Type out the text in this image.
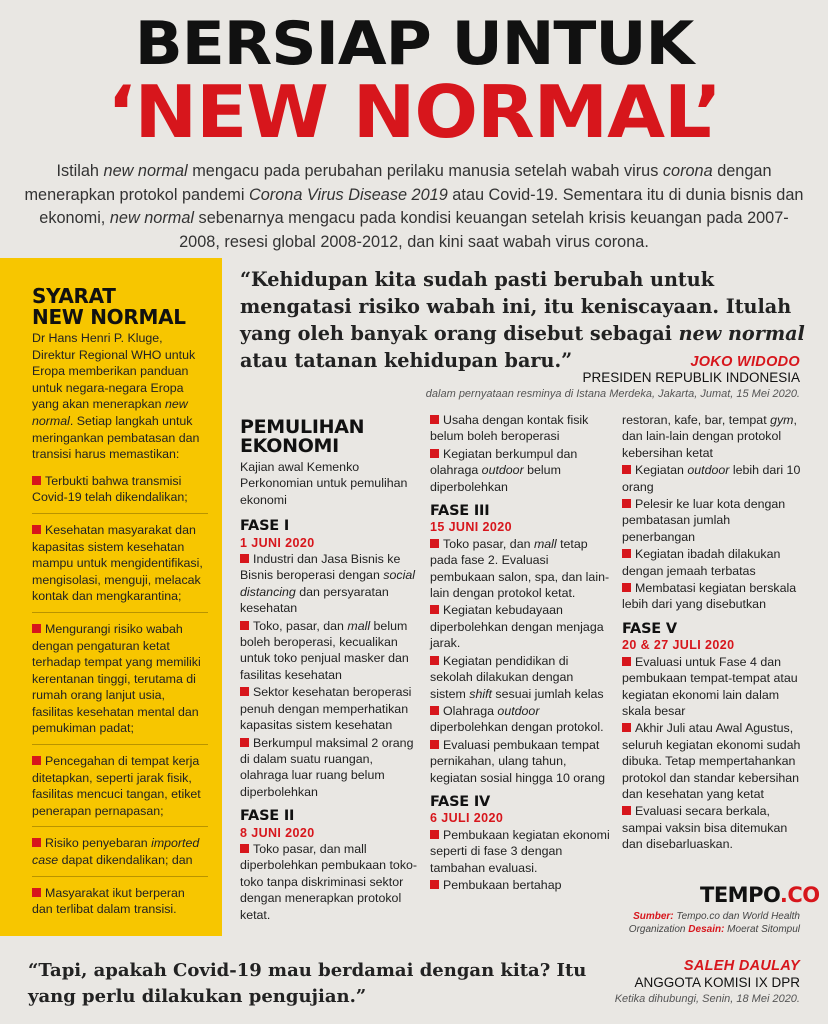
BERSIAP UNTUK
‘NEW NORMAL’
Istilah new normal mengacu pada perubahan perilaku manusia setelah wabah virus corona dengan menerapkan protokol pandemi Corona Virus Disease 2019 atau Covid-19. Sementara itu di dunia bisnis dan ekonomi, new normal sebenarnya mengacu pada kondisi keuangan setelah krisis keuangan pada 2007-2008, resesi global 2008-2012, dan kini saat wabah virus corona.
SYARAT
NEW NORMAL
Dr Hans Henri P. Kluge, Direktur Regional WHO untuk Eropa memberikan panduan untuk negara-negara Eropa yang akan menerapkan new normal. Setiap langkah untuk meringankan pembatasan dan transisi harus memastikan:
Terbukti bahwa transmisi Covid-19 telah dikendalikan;
Kesehatan masyarakat dan kapasitas sistem kesehatan mampu untuk mengidentifikasi, mengisolasi, menguji, melacak kontak dan mengkarantina;
Mengurangi risiko wabah dengan pengaturan ketat terhadap tempat yang memiliki kerentanan tinggi, terutama di rumah orang lanjut usia, fasilitas kesehatan mental dan pemukiman padat;
Pencegahan di tempat kerja ditetapkan, seperti jarak fisik, fasilitas mencuci tangan, etiket penerapan pernapasan;
Risiko penyebaran imported case dapat dikendalikan; dan
Masyarakat ikut berperan dan terlibat dalam transisi.
“Kehidupan kita sudah pasti berubah untuk mengatasi risiko wabah ini, itu keniscayaan. Itulah yang oleh banyak orang disebut sebagai new normal atau tatanan kehidupan baru.”	JOKO WIDODO
PRESIDEN REPUBLIK INDONESIA
dalam pernyataan resminya di Istana Merdeka, Jakarta, Jumat, 15 Mei 2020.
PEMULIHAN
EKONOMI

Kajian awal Kemenko Perkonomian untuk pemulihan ekonomi

FASE I
1 JUNI 2020

Industri dan Jasa Bisnis ke Bisnis beroperasi dengan social distancing dan persyaratan kesehatan

Toko, pasar, dan mall belum boleh beroperasi, kecualikan untuk toko penjual masker dan fasilitas kesehatan

Sektor kesehatan beroperasi penuh dengan memperhatikan kapasitas sistem kesehatan

Berkumpul maksimal 2 orang di dalam suatu ruangan, olahraga luar ruang belum diperbolehkan

FASE II
8 JUNI 2020

Toko pasar, dan mall diperbolehkan pembukaan toko-toko tanpa diskriminasi sektor dengan menerapkan protokol ketat.

Usaha dengan kontak fisik belum boleh beroperasi

Kegiatan berkumpul dan olahraga outdoor belum diperbolehkan

FASE III
15 JUNI 2020

Toko pasar, dan mall tetap pada fase 2. Evaluasi pembukaan salon, spa, dan lain-lain dengan protokol ketat.

Kegiatan kebudayaan diperbolehkan dengan menjaga jarak.

Kegiatan pendidikan di sekolah dilakukan dengan sistem shift sesuai jumlah kelas

Olahraga outdoor diperbolehkan dengan protokol.

Evaluasi pembukaan tempat pernikahan, ulang tahun, kegiatan sosial hingga 10 orang

FASE IV
6 JULI 2020

Pembukaan kegiatan ekonomi seperti di fase 3 dengan tambahan evaluasi.

Pembukaan bertahap

restoran, kafe, bar, tempat gym, dan lain-lain dengan protokol kebersihan ketat

Kegiatan outdoor lebih dari 10 orang

Pelesir ke luar kota dengan pembatasan jumlah penerbangan

Kegiatan ibadah dilakukan dengan jemaah terbatas

Membatasi kegiatan berskala lebih dari yang disebutkan

FASE V
20 & 27 JULI 2020

Evaluasi untuk Fase 4 dan pembukaan tempat-tempat atau kegiatan ekonomi lain dalam skala besar

Akhir Juli atau Awal Agustus, seluruh kegiatan ekonomi sudah dibuka. Tetap mempertahankan protokol dan standar kebersihan dan kesehatan yang ketat

Evaluasi secara berkala, sampai vaksin bisa ditemukan dan disebarluaskan.

TEMPO.CO
Sumber: Tempo.co dan World Health Organization Desain: Moerat Sitompul
“Tapi, apakah Covid-19 mau berdamai dengan kita? Itu yang perlu dilakukan pengujian.”
SALEH DAULAY
ANGGOTA KOMISI IX DPR
Ketika dihubungi, Senin, 18 Mei 2020.
